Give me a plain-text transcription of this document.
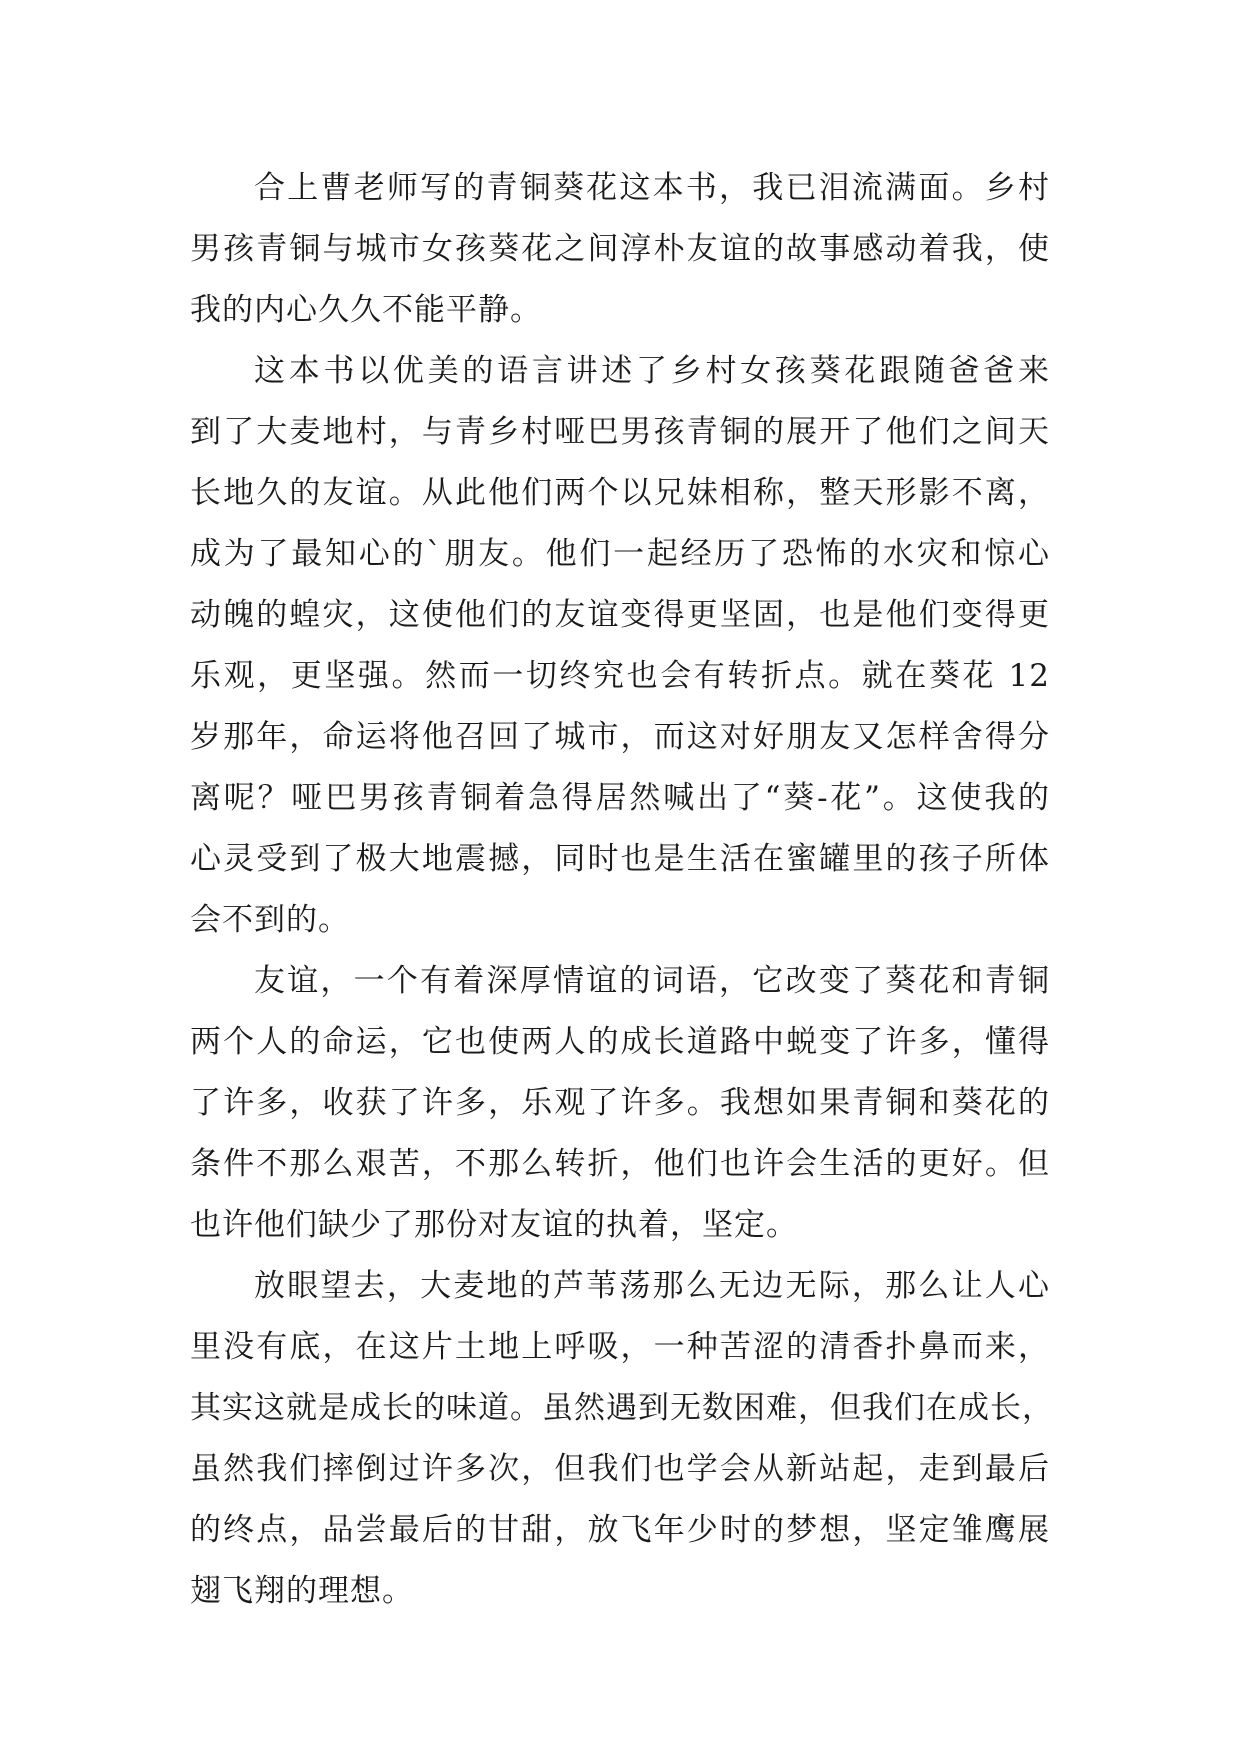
合上曹老师写的青铜葵花这本书，我已泪流满面。乡村
男孩青铜与城市女孩葵花之间淳朴友谊的故事感动着我，使
我的内心久久不能平静。
这本书以优美的语言讲述了乡村女孩葵花跟随爸爸来
到了大麦地村，与青乡村哑巴男孩青铜的展开了他们之间天
长地久的友谊。从此他们两个以兄妹相称，整天形影不离，
成为了最知心的`朋友。他们一起经历了恐怖的水灾和惊心
动魄的蝗灾，这使他们的友谊变得更坚固，也是他们变得更
乐观，更坚强。然而一切终究也会有转折点。就在葵花 12
岁那年，命运将他召回了城市，而这对好朋友又怎样舍得分
离呢？哑巴男孩青铜着急得居然喊出了“葵-花”。这使我的
心灵受到了极大地震撼，同时也是生活在蜜罐里的孩子所体
会不到的。
友谊，一个有着深厚情谊的词语，它改变了葵花和青铜
两个人的命运，它也使两人的成长道路中蜕变了许多，懂得
了许多，收获了许多，乐观了许多。我想如果青铜和葵花的
条件不那么艰苦，不那么转折，他们也许会生活的更好。但
也许他们缺少了那份对友谊的执着，坚定。
放眼望去，大麦地的芦苇荡那么无边无际，那么让人心
里没有底，在这片土地上呼吸，一种苦涩的清香扑鼻而来，
其实这就是成长的味道。虽然遇到无数困难，但我们在成长，
虽然我们摔倒过许多次，但我们也学会从新站起，走到最后
的终点，品尝最后的甘甜，放飞年少时的梦想，坚定雏鹰展
翅飞翔的理想。
